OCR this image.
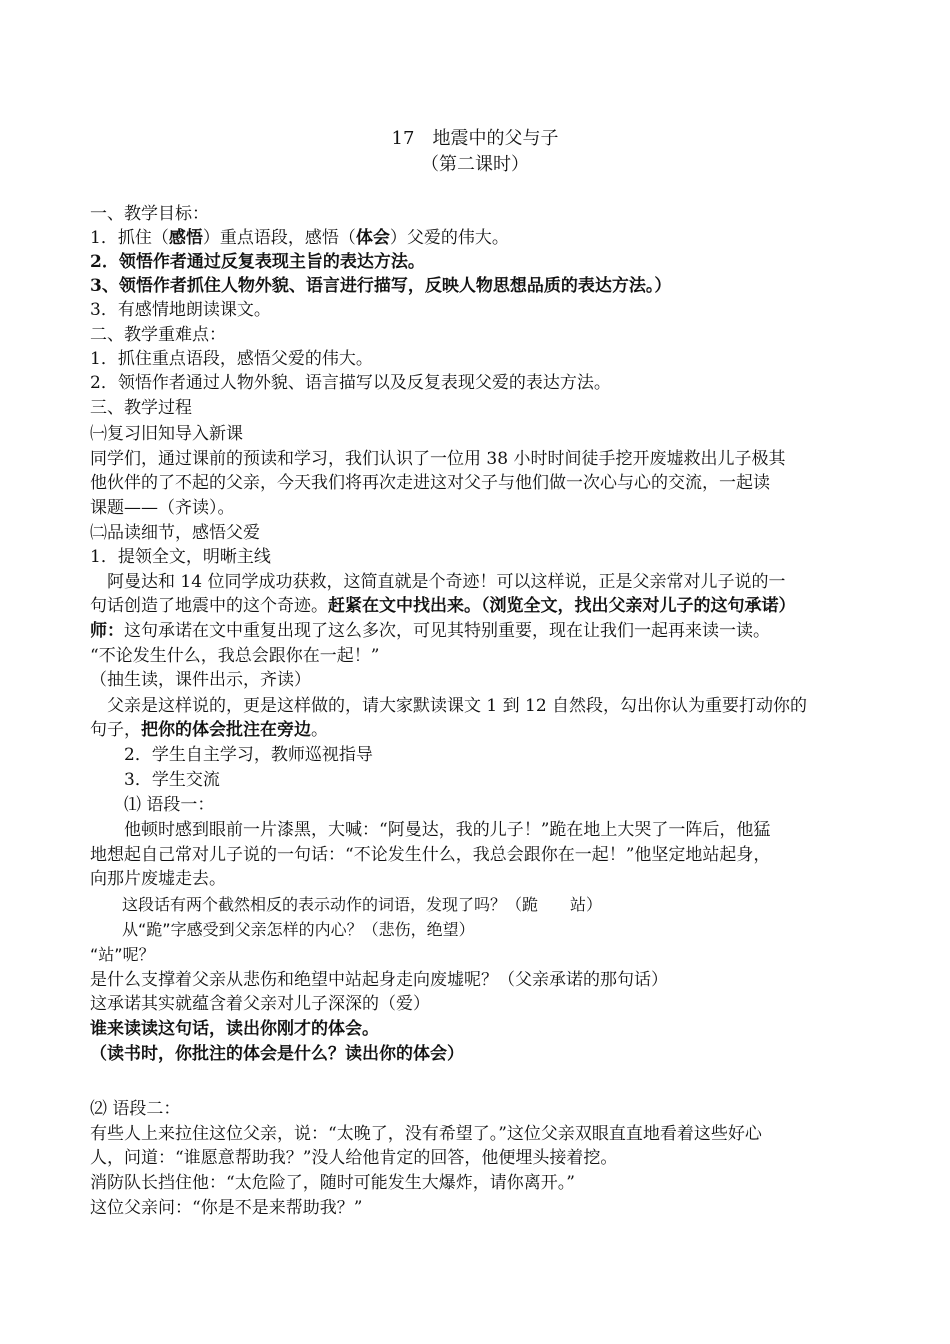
17　地震中的父与子
（第二课时）
一、教学目标：
1．抓住（感悟）重点语段，感悟（体会）父爱的伟大。
2．领悟作者通过反复表现主旨的表达方法。
3、领悟作者抓住人物外貌、语言进行描写，反映人物思想品质的表达方法。）
3．有感情地朗读课文。
二、教学重难点：
1．抓住重点语段，感悟父爱的伟大。
2．领悟作者通过人物外貌、语言描写以及反复表现父爱的表达方法。
三、教学过程
㈠复习旧知导入新课
同学们，通过课前的预读和学习，我们认识了一位用 38 小时时间徒手挖开废墟救出儿子极其
他伙伴的了不起的父亲，今天我们将再次走进这对父子与他们做一次心与心的交流，一起读
课题——（齐读）。
㈡品读细节，感悟父爱
1．提领全文，明晰主线
　阿曼达和 14 位同学成功获救，这简直就是个奇迹！可以这样说，正是父亲常对儿子说的一
句话创造了地震中的这个奇迹。赶紧在文中找出来。（浏览全文，找出父亲对儿子的这句承诺）
师：这句承诺在文中重复出现了这么多次，可见其特别重要，现在让我们一起再来读一读。
“不论发生什么，我总会跟你在一起！”
（抽生读，课件出示，齐读）
　父亲是这样说的，更是这样做的，请大家默读课文 1 到 12 自然段，勾出你认为重要打动你的
句子，把你的体会批注在旁边。
　　2．学生自主学习，教师巡视指导
　　3．学生交流
　　⑴ 语段一：
　　他顿时感到眼前一片漆黑，大喊：“阿曼达，我的儿子！”跪在地上大哭了一阵后，他猛
地想起自己常对儿子说的一句话：“不论发生什么，我总会跟你在一起！”他坚定地站起身，
向那片废墟走去。
　　这段话有两个截然相反的表示动作的词语，发现了吗？（跪　　站）
　　从“跪”字感受到父亲怎样的内心？（悲伤，绝望）
“站”呢？
是什么支撑着父亲从悲伤和绝望中站起身走向废墟呢？（父亲承诺的那句话）
这承诺其实就蕴含着父亲对儿子深深的（爱）
谁来读读这句话，读出你刚才的体会。
（读书时，你批注的体会是什么？读出你的体会）
⑵ 语段二：
有些人上来拉住这位父亲，说：“太晚了，没有希望了。”这位父亲双眼直直地看着这些好心
人，问道：“谁愿意帮助我？”没人给他肯定的回答，他便埋头接着挖。
消防队长挡住他：“太危险了，随时可能发生大爆炸，请你离开。”
这位父亲问：“你是不是来帮助我？”
